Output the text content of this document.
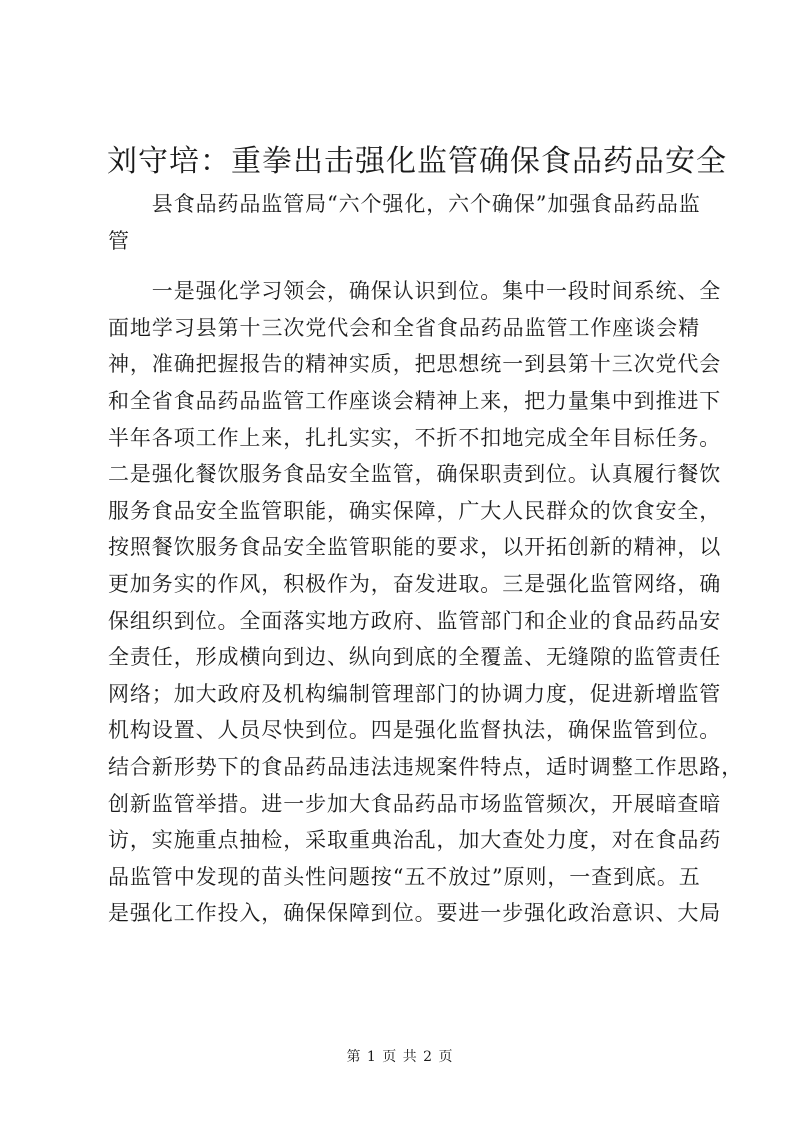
刘守培：重拳出击强化监管确保食品药品安全
　　县食品药品监管局“六个强化，六个确保”加强食品药品监
管
　　一是强化学习领会，确保认识到位。集中一段时间系统、全
面地学习县第十三次党代会和全省食品药品监管工作座谈会精
神，准确把握报告的精神实质，把思想统一到县第十三次党代会
和全省食品药品监管工作座谈会精神上来，把力量集中到推进下
半年各项工作上来，扎扎实实，不折不扣地完成全年目标任务。
二是强化餐饮服务食品安全监管，确保职责到位。认真履行餐饮
服务食品安全监管职能，确实保障，广大人民群众的饮食安全，
按照餐饮服务食品安全监管职能的要求，以开拓创新的精神，以
更加务实的作风，积极作为，奋发进取。三是强化监管网络，确
保组织到位。全面落实地方政府、监管部门和企业的食品药品安
全责任，形成横向到边、纵向到底的全覆盖、无缝隙的监管责任
网络；加大政府及机构编制管理部门的协调力度，促进新增监管
机构设置、人员尽快到位。四是强化监督执法，确保监管到位。
结合新形势下的食品药品违法违规案件特点，适时调整工作思路，
创新监管举措。进一步加大食品药品市场监管频次，开展暗查暗
访，实施重点抽检，采取重典治乱，加大查处力度，对在食品药
品监管中发现的苗头性问题按“五不放过”原则，一查到底。五
是强化工作投入，确保保障到位。要进一步强化政治意识、大局
第 1 页 共 2 页
